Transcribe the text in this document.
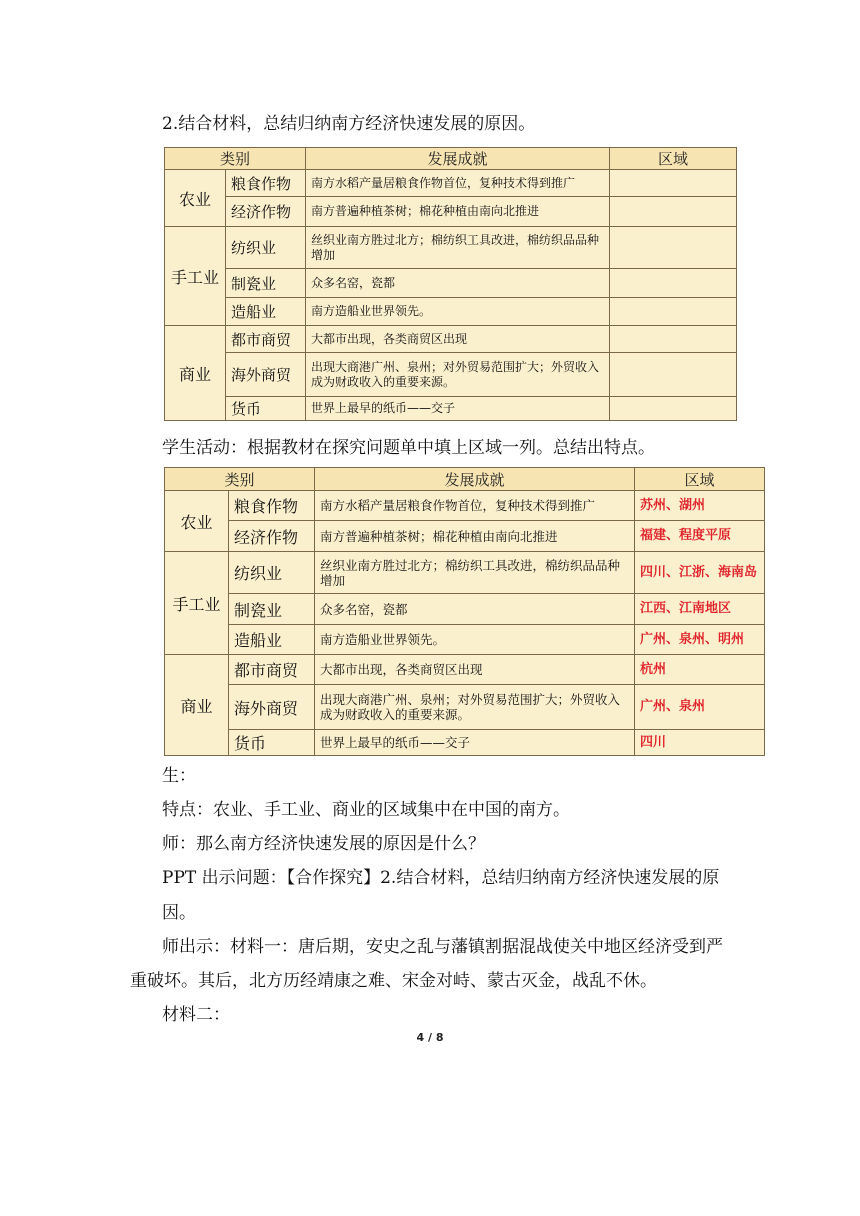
2.结合材料，总结归纳南方经济快速发展的原因。
类别		发展成就	区域
农业	粮食作物	南方水稻产量居粮食作物首位，复种技术得到推广	
	经济作物	南方普遍种植茶树；棉花种植由南向北推进	
手工业	纺织业	丝织业南方胜过北方；棉纺织工具改进，棉纺织品品种增加	
	制瓷业	众多名窑，瓷都	
	造船业	南方造船业世界领先。	
商业	都市商贸	大都市出现，各类商贸区出现	
	海外商贸	出现大商港广州、泉州；对外贸易范围扩大；外贸收入成为财政收入的重要来源。	
	货币	世界上最早的纸币——交子	
学生活动：根据教材在探究问题单中填上区域一列。总结出特点。
类别		发展成就	区域
农业	粮食作物	南方水稻产量居粮食作物首位，复种技术得到推广	苏州、湖州
	经济作物	南方普遍种植茶树；棉花种植由南向北推进	福建、程度平原
手工业	纺织业	丝织业南方胜过北方；棉纺织工具改进，棉纺织品品种增加	四川、江浙、海南岛
	制瓷业	众多名窑，瓷都	江西、江南地区
	造船业	南方造船业世界领先。	广州、泉州、明州
商业	都市商贸	大都市出现，各类商贸区出现	杭州
	海外商贸	出现大商港广州、泉州；对外贸易范围扩大；外贸收入成为财政收入的重要来源。	广州、泉州
	货币	世界上最早的纸币——交子	四川
生：
特点：农业、手工业、商业的区域集中在中国的南方。
师：那么南方经济快速发展的原因是什么？
PPT 出示问题：【合作探究】2.结合材料，总结归纳南方经济快速发展的原
因。
师出示：材料一：唐后期，安史之乱与藩镇割据混战使关中地区经济受到严
重破坏。其后，北方历经靖康之难、宋金对峙、蒙古灭金，战乱不休。
材料二：
4 / 8
